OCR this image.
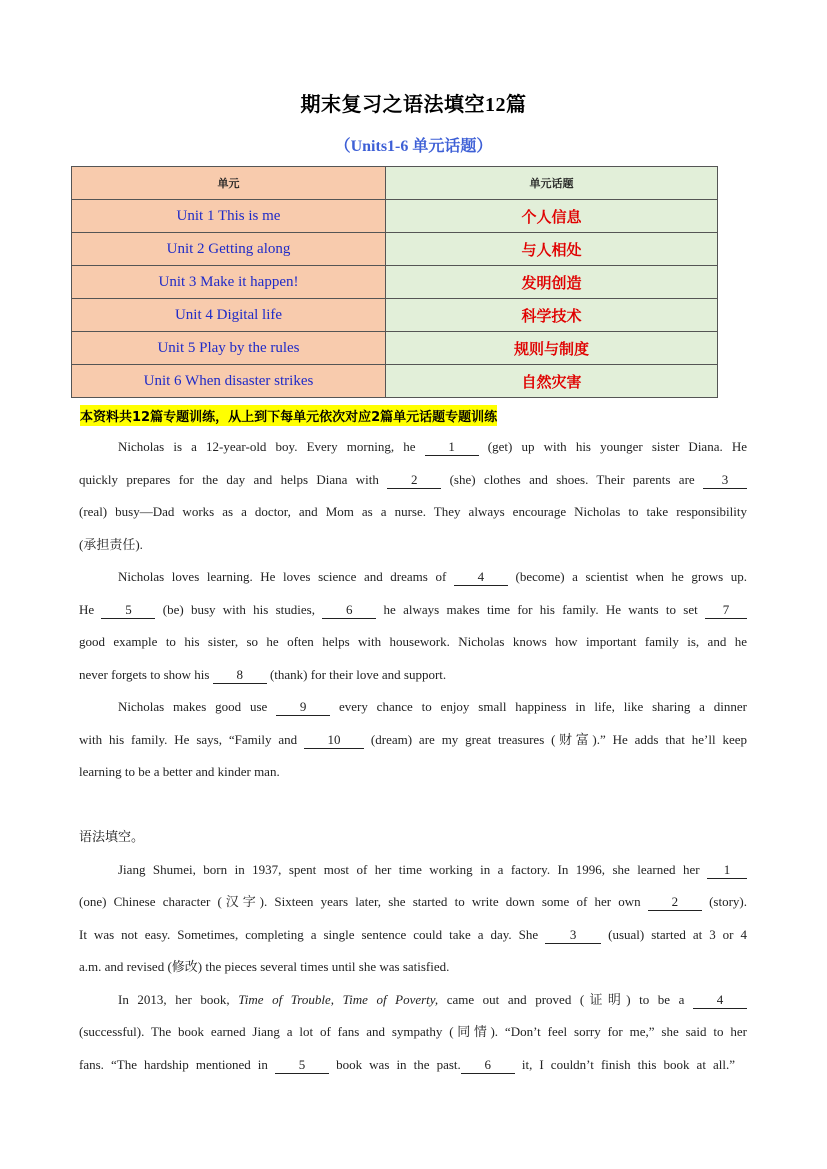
期末复习之语法填空12篇
（Units1-6 单元话题）
单元	单元话题
Unit 1 This is me	个人信息
Unit 2 Getting along	与人相处
Unit 3 Make it happen!	发明创造
Unit 4 Digital life	科学技术
Unit 5 Play by the rules	规则与制度
Unit 6 When disaster strikes	自然灾害
本资料共12篇专题训练，从上到下每单元依次对应2篇单元话题专题训练
Nicholas is a 12-year-old boy. Every morning, he	1	(get) up with his younger sister Diana. He
quickly prepares for the day and helps Diana with 2 (she) clothes and shoes. Their parents are 3
(real) busy—Dad works as a doctor, and Mom as a nurse. They always encourage Nicholas to take responsibility
(承担责任).
Nicholas loves learning. He loves science and dreams of 4 (become) a scientist when he grows up.
He 5 (be) busy with his studies, 6 he always makes time for his family. He wants to set 7
good example to his sister, so he often helps with housework. Nicholas knows how important family is, and he
never forgets to show his 8 (thank) for their love and support.
Nicholas makes good use	9	every chance to enjoy small happiness in life, like sharing a dinner
with his family. He says, “Family and 10 (dream) are my great treasures (财富).” He adds that he’ll keep
learning to be a better and kinder man.
语法填空。
Jiang Shumei, born in 1937, spent most of her time working in a factory. In 1996, she learned her 1
(one) Chinese character (汉字). Sixteen years later, she started to write down some of her own 2 (story).
It was not easy. Sometimes, completing a single sentence could take a day. She 3 (usual) started at 3 or 4
a.m. and revised (修改) the pieces several times until she was satisfied.
In 2013, her book, Time of Trouble, Time of Poverty, came out and proved (证明) to be a 4
(successful). The book earned Jiang a lot of fans and sympathy (同情). “Don’t feel sorry for me,” she said to her
fans. “The hardship mentioned in 5 book was in the past. 6 it, I couldn’t finish this book at all.”
